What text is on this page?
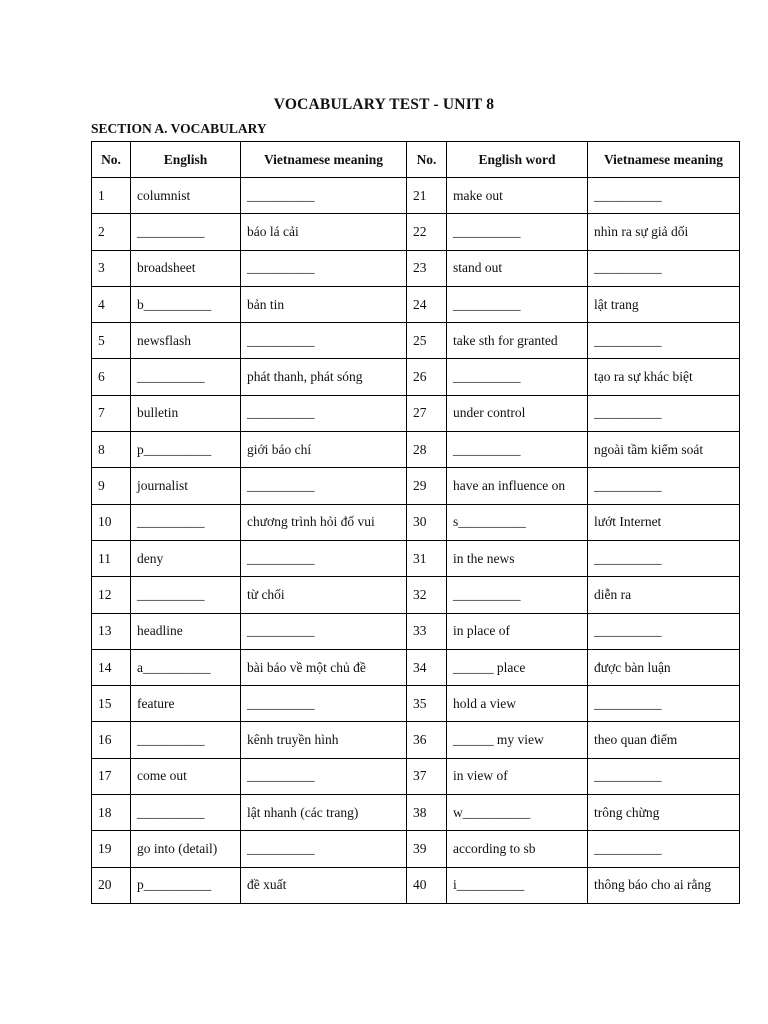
VOCABULARY TEST - UNIT 8
SECTION A. VOCABULARY
No.	English	Vietnamese meaning	No.	English word	Vietnamese meaning
1	columnist	__________	21	make out	__________
2	__________	báo lá cải	22	__________	nhìn ra sự giả dối
3	broadsheet	__________	23	stand out	__________
4	b__________	bản tin	24	__________	lật trang
5	newsflash	__________	25	take sth for granted	__________
6	__________	phát thanh, phát sóng	26	__________	tạo ra sự khác biệt
7	bulletin	__________	27	under control	__________
8	p__________	giới báo chí	28	__________	ngoài tầm kiểm soát
9	journalist	__________	29	have an influence on	__________
10	__________	chương trình hỏi đố vui	30	s__________	lướt Internet
11	deny	__________	31	in the news	__________
12	__________	từ chối	32	__________	diễn ra
13	headline	__________	33	in place of	__________
14	a__________	bài báo về một chủ đề	34	______ place	được bàn luận
15	feature	__________	35	hold a view	__________
16	__________	kênh truyền hình	36	______ my view	theo quan điểm
17	come out	__________	37	in view of	__________
18	__________	lật nhanh (các trang)	38	w__________	trông chừng
19	go into (detail)	__________	39	according to sb	__________
20	p__________	đề xuất	40	i__________	thông báo cho ai rằng
